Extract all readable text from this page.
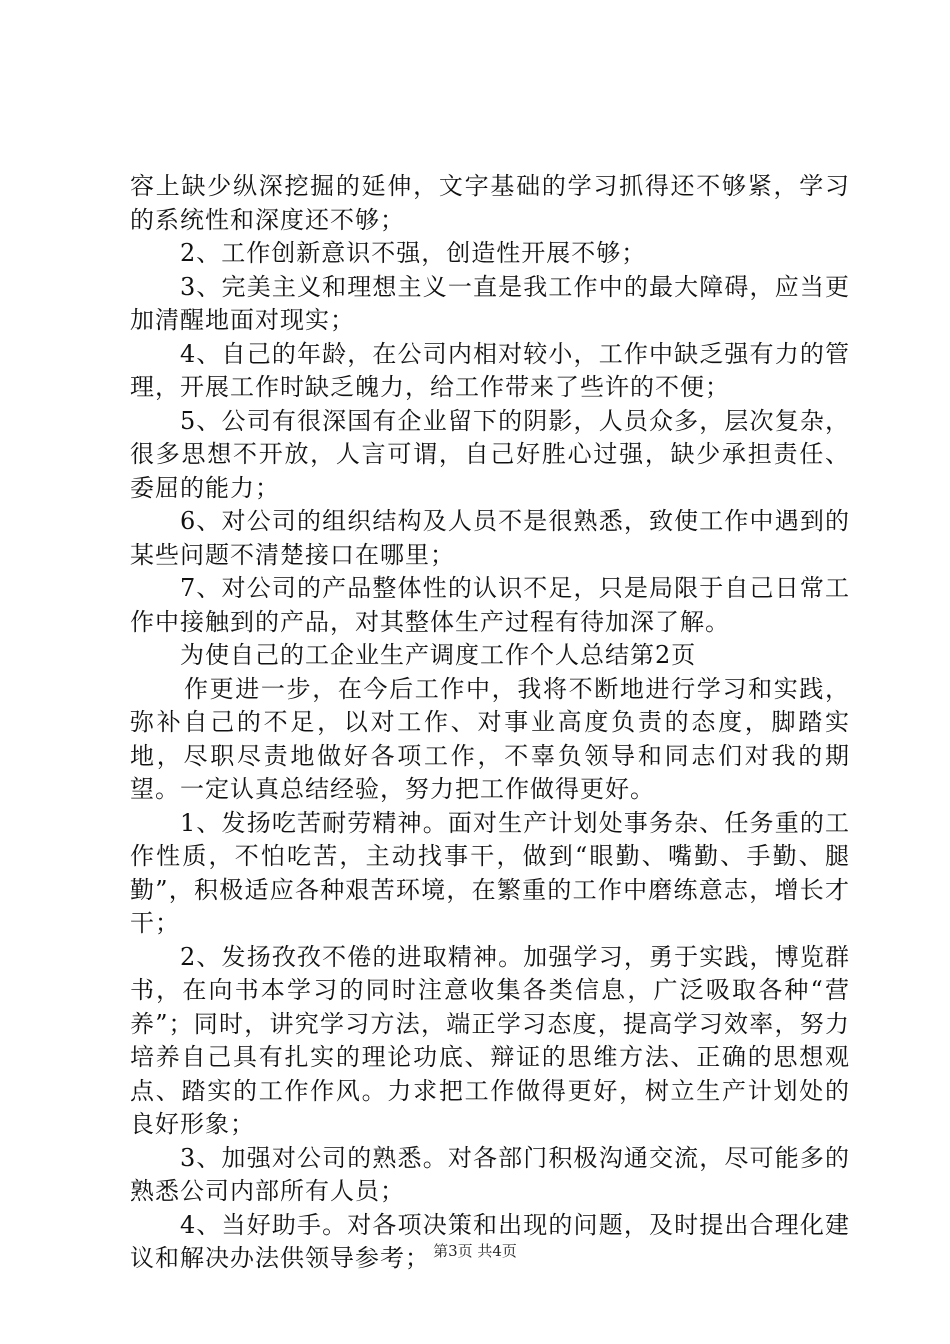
容上缺少纵深挖掘的延伸，文字基础的学习抓得还不够紧，学习的系统性和深度还不够；

2、工作创新意识不强，创造性开展不够；

3、完美主义和理想主义一直是我工作中的最大障碍，应当更加清醒地面对现实；

4、自己的年龄，在公司内相对较小，工作中缺乏强有力的管理，开展工作时缺乏魄力，给工作带来了些许的不便；

5、公司有很深国有企业留下的阴影，人员众多，层次复杂，很多思想不开放，人言可谓，自己好胜心过强，缺少承担责任、委屈的能力；

6、对公司的组织结构及人员不是很熟悉，致使工作中遇到的某些问题不清楚接口在哪里；

7、对公司的产品整体性的认识不足，只是局限于自己日常工作中接触到的产品，对其整体生产过程有待加深了解。

为使自己的工企业生产调度工作个人总结第2页

作更进一步，在今后工作中，我将不断地进行学习和实践，弥补自己的不足，以对工作、对事业高度负责的态度，脚踏实地，尽职尽责地做好各项工作，不辜负领导和同志们对我的期望。一定认真总结经验，努力把工作做得更好。

1、发扬吃苦耐劳精神。面对生产计划处事务杂、任务重的工作性质，不怕吃苦，主动找事干，做到“眼勤、嘴勤、手勤、腿勤”，积极适应各种艰苦环境，在繁重的工作中磨练意志，增长才干；

2、发扬孜孜不倦的进取精神。加强学习，勇于实践，博览群书，在向书本学习的同时注意收集各类信息，广泛吸取各种“营养”；同时，讲究学习方法，端正学习态度，提高学习效率，努力培养自己具有扎实的理论功底、辩证的思维方法、正确的思想观点、踏实的工作作风。力求把工作做得更好，树立生产计划处的良好形象；

3、加强对公司的熟悉。对各部门积极沟通交流，尽可能多的熟悉公司内部所有人员；

4、当好助手。对各项决策和出现的问题，及时提出合理化建议和解决办法供领导参考； 第3页 共4页
